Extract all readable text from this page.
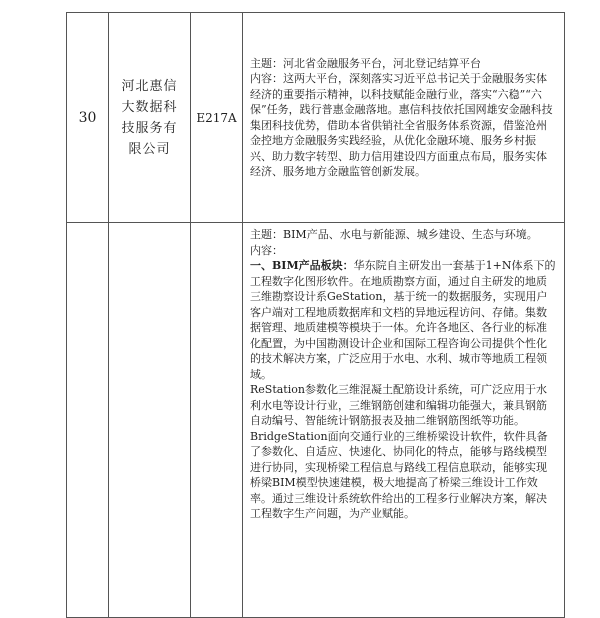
30	河北惠信大数据科技服务有限公司	E217A	主题：河北省金融服务平台，河北登记结算平台

内容：这两大平台，深刻落实习近平总书记关于金融服务实体经济的重要指示精神，以科技赋能金融行业，落实“六稳”“六保”任务，践行普惠金融落地。惠信科技依托国网雄安金融科技集团科技优势，借助本省供销社全省服务体系资源，借鉴沧州金控地方金融服务实践经验，从优化金融环境、服务乡村振兴、助力数字转型、助力信用建设四方面重点布局，服务实体经济、服务地方金融监管创新发展。

			主题：BIM产品、水电与新能源、城乡建设、生态与环境。

内容：

一、BIM产品板块：华东院自主研发出一套基于1+N体系下的工程数字化图形软件。在地质勘察方面，通过自主研发的地质三维勘察设计系GeStation，基于统一的数据服务，实现用户客户端对工程地质数据库和文档的异地远程访问、存储。集数据管理、地质建模等模块于一体。允许各地区、各行业的标准化配置，为中国勘测设计企业和国际工程咨询公司提供个性化的技术解决方案，广泛应用于水电、水利、城市等地质工程领域。

ReStation参数化三维混凝土配筋设计系统，可广泛应用于水利水电等设计行业，三维钢筋创建和编辑功能强大，兼具钢筋自动编号、智能统计钢筋报表及抽二维钢筋图纸等功能。

BridgeStation面向交通行业的三维桥梁设计软件，软件具备了参数化、自适应、快速化、协同化的特点，能够与路线模型进行协同，实现桥梁工程信息与路线工程信息联动，能够实现桥梁BIM模型快速建模，极大地提高了桥梁三维设计工作效率。通过三维设计系统软件给出的工程多行业解决方案，解决工程数字生产问题，为产业赋能。
